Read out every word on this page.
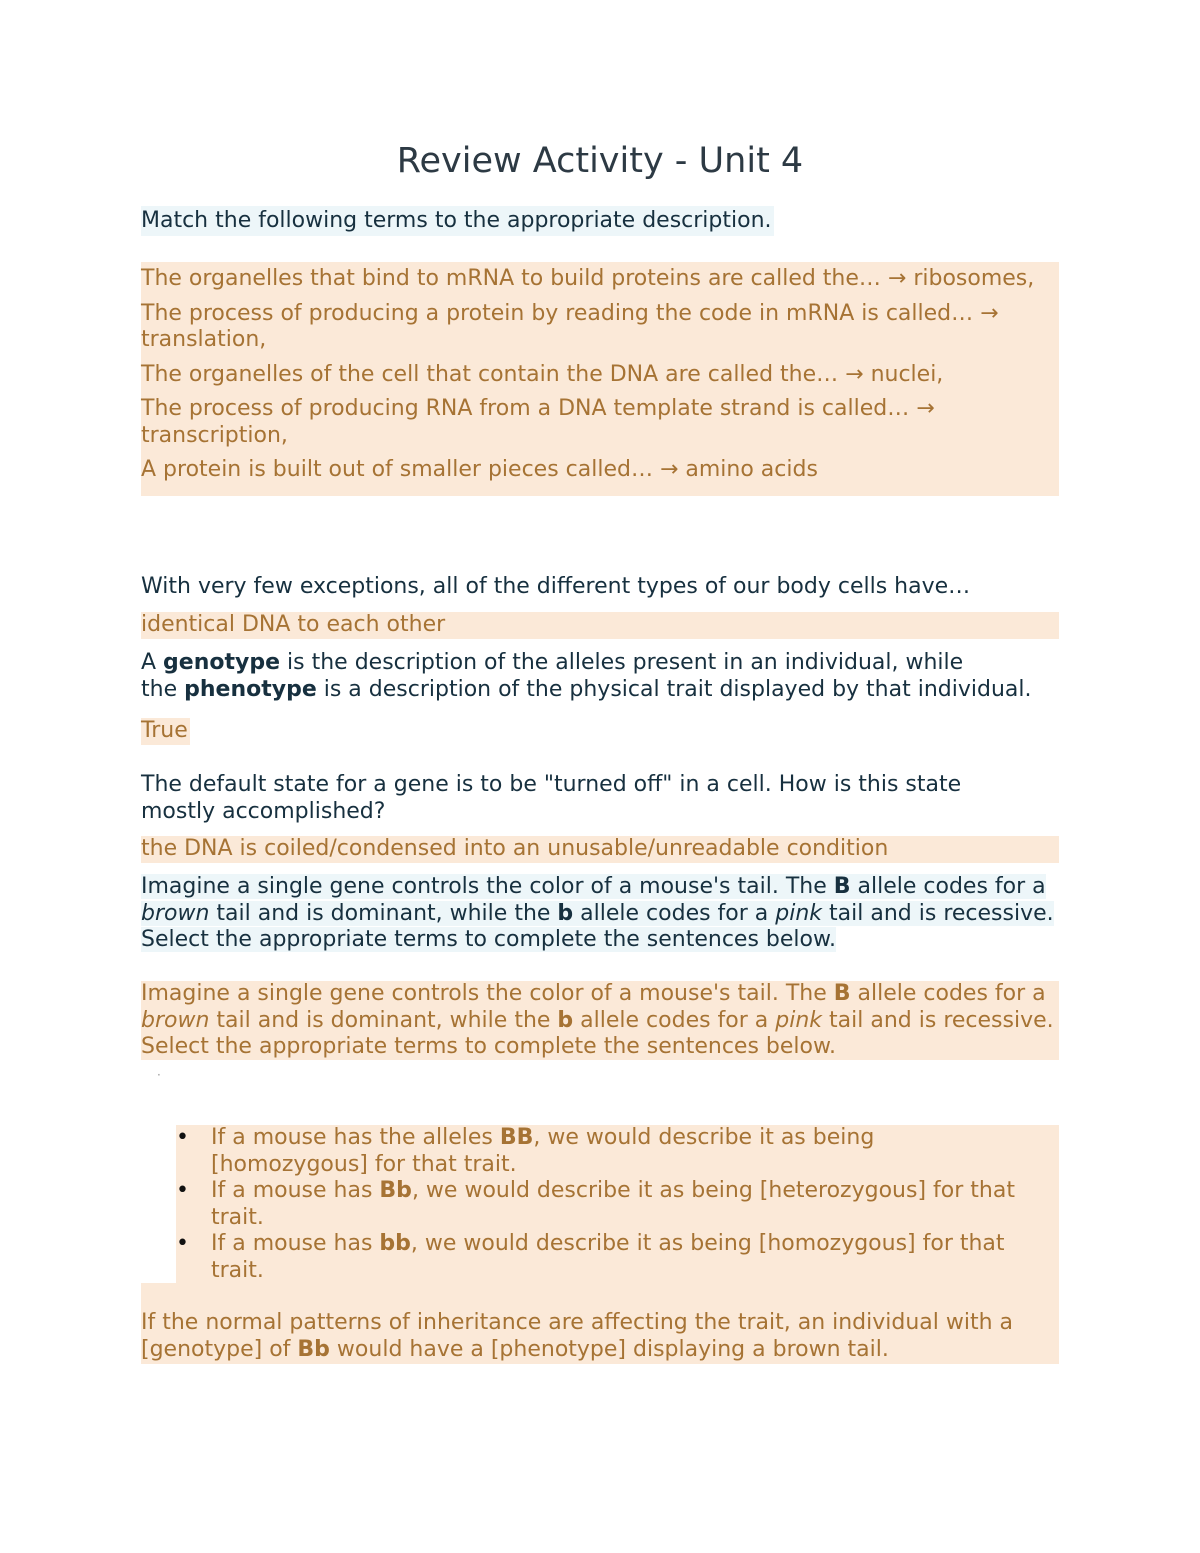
Review Activity - Unit 4
Match the following terms to the appropriate description.
The organelles that bind to mRNA to build proteins are called the… → ribosomes,
The process of producing a protein by reading the code in mRNA is called… → translation,
The organelles of the cell that contain the DNA are called the… → nuclei,
The process of producing RNA from a DNA template strand is called… → transcription,
A protein is built out of smaller pieces called… → amino acids
With very few exceptions, all of the different types of our body cells have…
identical DNA to each other
A genotype is the description of the alleles present in an individual, while
the phenotype is a description of the physical trait displayed by that individual.
True
The default state for a gene is to be "turned off" in a cell. How is this state mostly accomplished?
the DNA is coiled/condensed into an unusable/unreadable condition
Imagine a single gene controls the color of a mouse's tail. The B allele codes for a brown tail and is dominant, while the b allele codes for a pink tail and is recessive. Select the appropriate terms to complete the sentences below.
Imagine a single gene controls the color of a mouse's tail. The B allele codes for a brown tail and is dominant, while the b allele codes for a pink tail and is recessive. Select the appropriate terms to complete the sentences below.
·
• If a mouse has the alleles BB, we would describe it as being [homozygous] for that trait.
• If a mouse has Bb, we would describe it as being [heterozygous] for that trait.
• If a mouse has bb, we would describe it as being [homozygous] for that trait.
If the normal patterns of inheritance are affecting the trait, an individual with a [genotype] of Bb would have a [phenotype] displaying a brown tail.
